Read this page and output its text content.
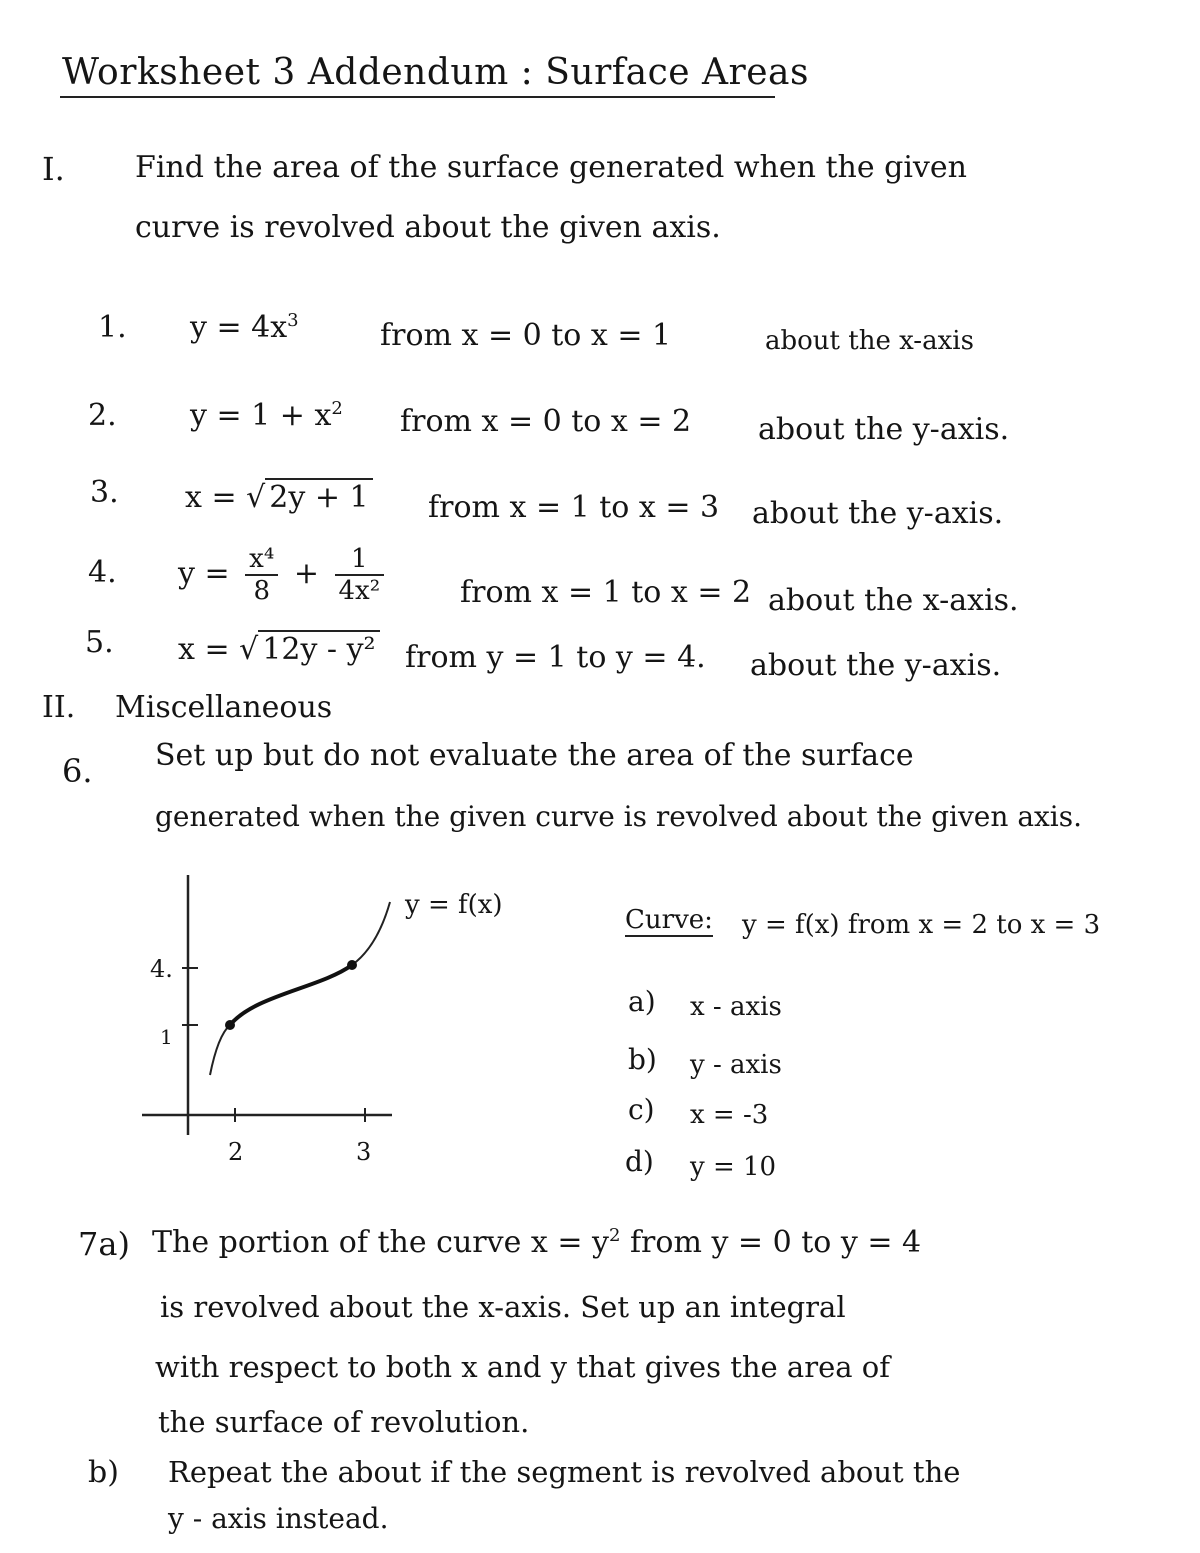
Worksheet 3 Addendum : Surface Areas
I. Find the area of the surface generated when the given
curve is revolved about the given axis.
1. $y = 4x^3$	from x = 0 to x = 1	about the x-axis
2. $y = 1 + x^2$ from x = 0 to x = 2 about the y-axis.
3. x = √ 2y + 1 from x = 1 to x = 3 about the y-axis.
4. $y = \frac{\text{x⁴}}{8} + \frac{1}{\text{4x²}}$	from x = 1 to x = 2 about the x-axis.
5. x = √ 12y - y² from y = 1 to y = 4. about the y-axis.
II. Miscellaneous
6. Set up but do not evaluate the area of the surface
generated when the given curve is revolved about the given axis.
4.
1
2	3
y = f(x)	Curve: y = f(x) from x = 2 to x = 3
a) x - axis
b) y - axis
c) x = -3
d) y = 10
7a) The portion of the curve $x = y^2$ from y = 0 to y = 4
is revolved about the x-axis. Set up an integral
with respect to both x and y that gives the area of
the surface of revolution.
b) Repeat the about if the segment is revolved about the
y - axis instead.
